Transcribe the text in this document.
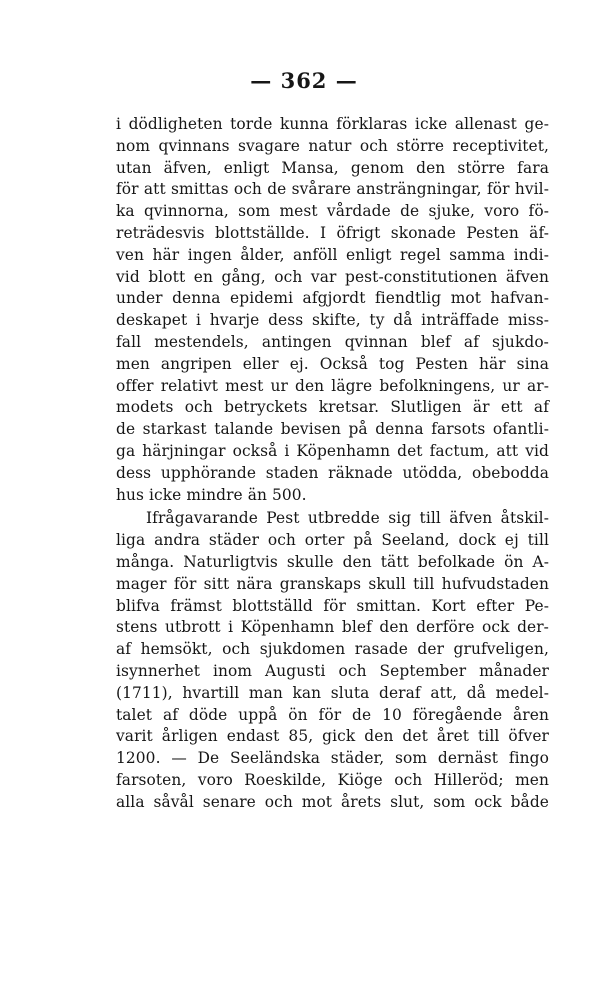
— 362 —
i dödligheten torde kunna förklaras icke allenast ge-
nom qvinnans svagare natur och större receptivitet,
utan äfven, enligt Mansa, genom den större fara
för att smittas och de svårare ansträngningar, för hvil-
ka qvinnorna, som mest vårdade de sjuke, voro fö-
reträdesvis blottställde. I öfrigt skonade Pesten äf-
ven här ingen ålder, anföll enligt regel samma indi-
vid blott en gång, och var pest-constitutionen äfven
under denna epidemi afgjordt fiendtlig mot hafvan-
deskapet i hvarje dess skifte, ty då inträffade miss-
fall mestendels, antingen qvinnan blef af sjukdo-
men angripen eller ej. Också tog Pesten här sina
offer relativt mest ur den lägre befolkningens, ur ar-
modets och betryckets kretsar. Slutligen är ett af
de starkast talande bevisen på denna farsots ofantli-
ga härjningar också i Köpenhamn det factum, att vid
dess upphörande staden räknade utödda, obebodda
hus icke mindre än 500.
Ifrågavarande Pest utbredde sig till äfven åtskil-
liga andra städer och orter på Seeland, dock ej till
många. Naturligtvis skulle den tätt befolkade ön A-
mager för sitt nära granskaps skull till hufvudstaden
blifva främst blottställd för smittan. Kort efter Pe-
stens utbrott i Köpenhamn blef den derföre ock der-
af hemsökt, och sjukdomen rasade der grufveligen,
isynnerhet inom Augusti och September månader
(1711), hvartill man kan sluta deraf att, då medel-
talet af döde uppå ön för de 10 föregående åren
varit årligen endast 85, gick den det året till öfver
1200. — De Seeländska städer, som dernäst fingo
farsoten, voro Roeskilde, Kiöge och Hilleröd; men
alla såvål senare och mot årets slut, som ock både
